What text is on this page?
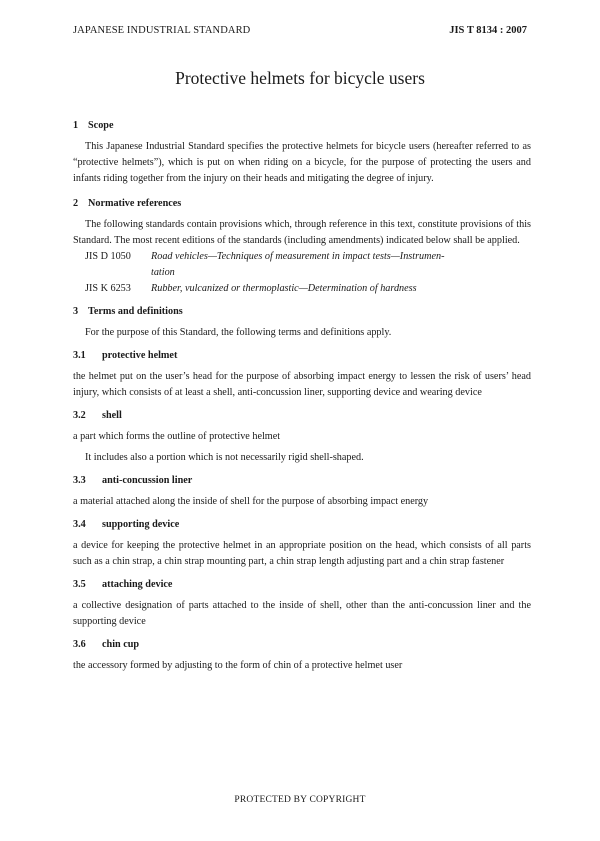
JAPANESE INDUSTRIAL STANDARD	JIS T 8134 : 2007
Protective helmets for bicycle users
1 Scope

This Japanese Industrial Standard specifies the protective helmets for bicycle users (hereafter referred to as “protective helmets”), which is put on when riding on a bicycle, for the purpose of protecting the users and infants riding together from the injury on their heads and mitigating the degree of injury.

2 Normative references

The following standards contain provisions which, through reference in this text, constitute provisions of this Standard. The most recent editions of the standards (including amendments) indicated below shall be applied.

JIS D 1050	Road vehicles—Techniques of measurement in impact tests—Instrumen-
tation
JIS K 6253	Rubber, vulcanized or thermoplastic—Determination of hardness
3 Terms and definitions

For the purpose of this Standard, the following terms and definitions apply.

3.1 protective helmet

the helmet put on the user’s head for the purpose of absorbing impact energy to lessen the risk of users’ head injury, which consists of at least a shell, anti-concussion liner, supporting device and wearing device

3.2 shell

a part which forms the outline of protective helmet

It includes also a portion which is not necessarily rigid shell-shaped.

3.3 anti-concussion liner

a material attached along the inside of shell for the purpose of absorbing impact energy

3.4 supporting device

a device for keeping the protective helmet in an appropriate position on the head, which consists of all parts such as a chin strap, a chin strap mounting part, a chin strap length adjusting part and a chin strap fastener

3.5 attaching device

a collective designation of parts attached to the inside of shell, other than the anti-concussion liner and the supporting device

3.6 chin cup

the accessory formed by adjusting to the form of chin of a protective helmet user

PROTECTED BY COPYRIGHT
